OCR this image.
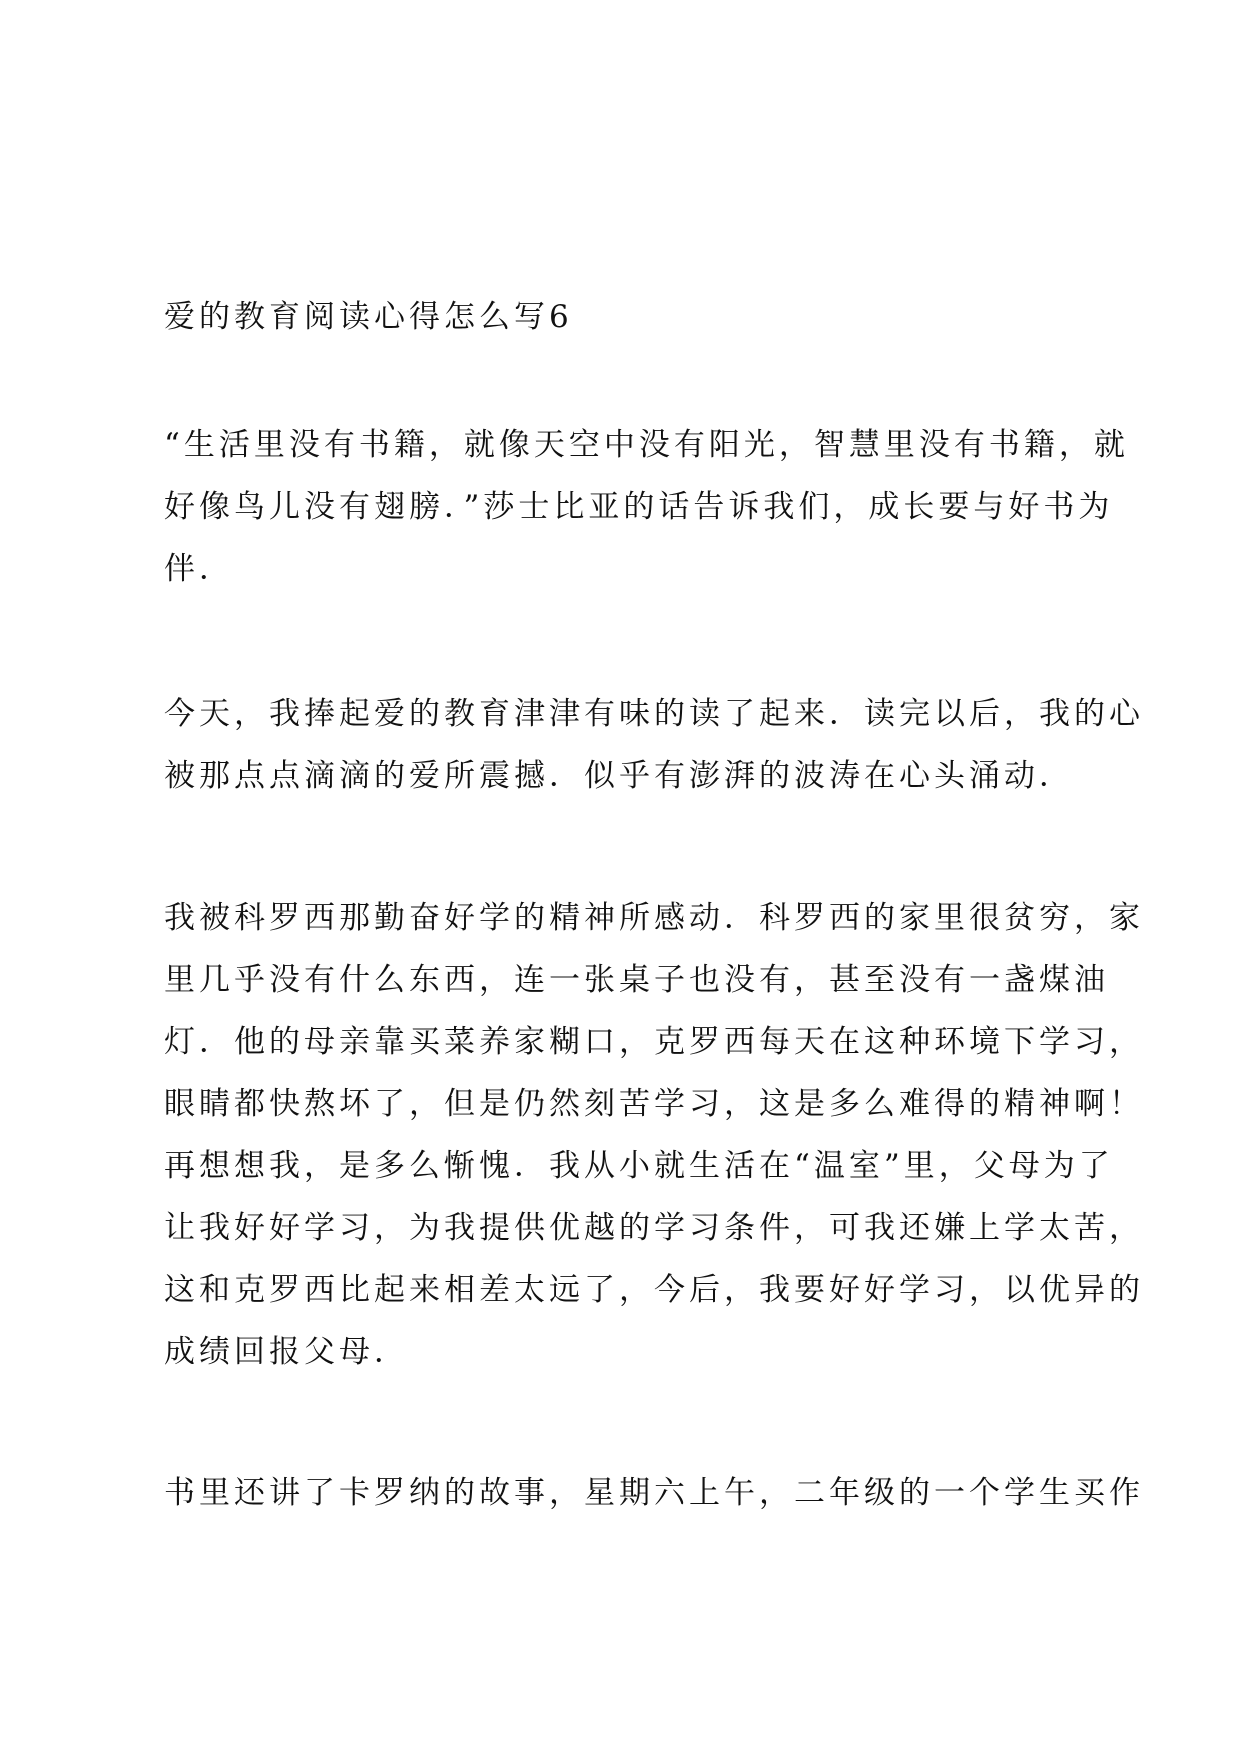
爱的教育阅读心得怎么写6
“生活里没有书籍，就像天空中没有阳光，智慧里没有书籍，就
好像鸟儿没有翅膀．”莎士比亚的话告诉我们，成长要与好书为
伴．
今天，我捧起爱的教育津津有味的读了起来．读完以后，我的心
被那点点滴滴的爱所震撼．似乎有澎湃的波涛在心头涌动．
我被科罗西那勤奋好学的精神所感动．科罗西的家里很贫穷，家
里几乎没有什么东西，连一张桌子也没有，甚至没有一盏煤油
灯．他的母亲靠买菜养家糊口，克罗西每天在这种环境下学习，
眼睛都快熬坏了，但是仍然刻苦学习，这是多么难得的精神啊！
再想想我，是多么惭愧．我从小就生活在“温室”里，父母为了
让我好好学习，为我提供优越的学习条件，可我还嫌上学太苦，
这和克罗西比起来相差太远了，今后，我要好好学习，以优异的
成绩回报父母．
书里还讲了卡罗纳的故事，星期六上午，二年级的一个学生买作
